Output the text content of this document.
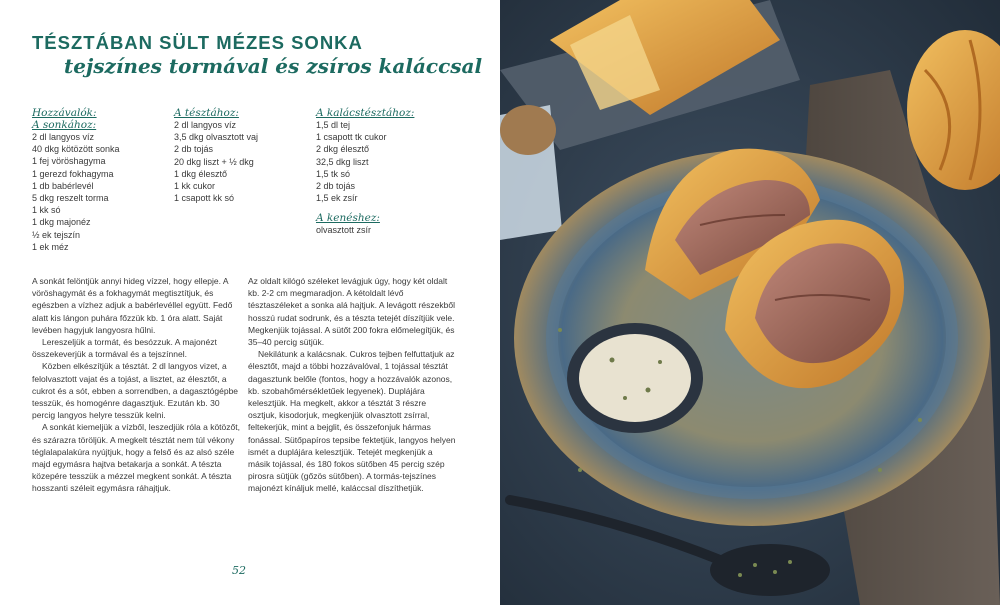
TÉSZTÁBAN SÜLT MÉZES SONKA
tejszínes tormával és zsíros kaláccsal
Hozzávalók:
A sonkához:
2 dl langyos víz
40 dkg kötözött sonka
1 fej vöröshagyma
1 gerezd fokhagyma
1 db babérlevél
5 dkg reszelt torma
1 kk só
1 dkg majonéz
½ ek tejszín
1 ek méz
A tésztához:
2 dl langyos víz
3,5 dkg olvasztott vaj
2 db tojás
20 dkg liszt + ½ dkg
1 dkg élesztő
1 kk cukor
1 csapott kk só
A kalácstésztához:
1,5 dl tej
1 csapott tk cukor
2 dkg élesztő
32,5 dkg liszt
1,5 tk só
2 db tojás
1,5 ek zsír
A kenéshez:
olvasztott zsír

A sonkát felöntjük annyi hideg vízzel, hogy ellepje. A vöröshagymát és a fokhagymát megtisztítjuk, és egészben a vízhez adjuk a babérlevéllel együtt. Fedő alatt kis lángon puhára főzzük kb. 1 óra alatt. Saját levében hagyjuk langyosra hűlni.

Lereszeljük a tormát, és besózzuk. A majonézt összekeverjük a tormával és a tejszínnel.

Közben elkészítjük a tésztát. 2 dl langyos vizet, a felolvasztott vajat és a tojást, a lisztet, az élesztőt, a cukrot és a sót, ebben a sorrendben, a dagasztógépbe tesszük, és homogénre dagasztjuk. Ezután kb. 30 percig langyos helyre tesszük kelni.

A sonkát kiemeljük a vízből, leszedjük róla a kötözőt, és szárazra töröljük. A megkelt tésztát nem túl vékony téglalapalakúra nyújtjuk, hogy a felső és az alsó széle majd egymásra hajtva betakarja a sonkát. A tészta közepére tesszük a mézzel megkent sonkát. A tészta hosszanti széleit egymásra ráhajtjuk.

Az oldalt kilógó széleket levágjuk úgy, hogy két oldalt kb. 2-2 cm megmaradjon. A kétoldalt lévő tésztaszéleket a sonka alá hajtjuk. A levágott részekből hosszú rudat sodrunk, és a tészta tetejét díszítjük vele. Megkenjük tojással. A sütőt 200 fokra előmelegítjük, és 35–40 percig sütjük.

Nekilátunk a kalácsnak. Cukros tejben felfuttatjuk az élesztőt, majd a többi hozzávalóval, 1 tojással tésztát dagasztunk belőle (fontos, hogy a hozzávalók azonos, kb. szobahőmérsékletűek legyenek). Duplájára kelesztjük. Ha megkelt, akkor a tésztát 3 részre osztjuk, kisodorjuk, megkenjük olvasztott zsírral, feltekerjük, mint a bejglit, és összefonjuk hármas fonással. Sütőpapíros tepsibe fektetjük, langyos helyen ismét a duplájára kelesztjük. Tetejét megkenjük a másik tojással, és 180 fokos sütőben 45 percig szép pirosra sütjük (gőzös sütőben). A tormás-tejszínes majonézt kínáljuk mellé, kaláccsal díszíthetjük.

52
